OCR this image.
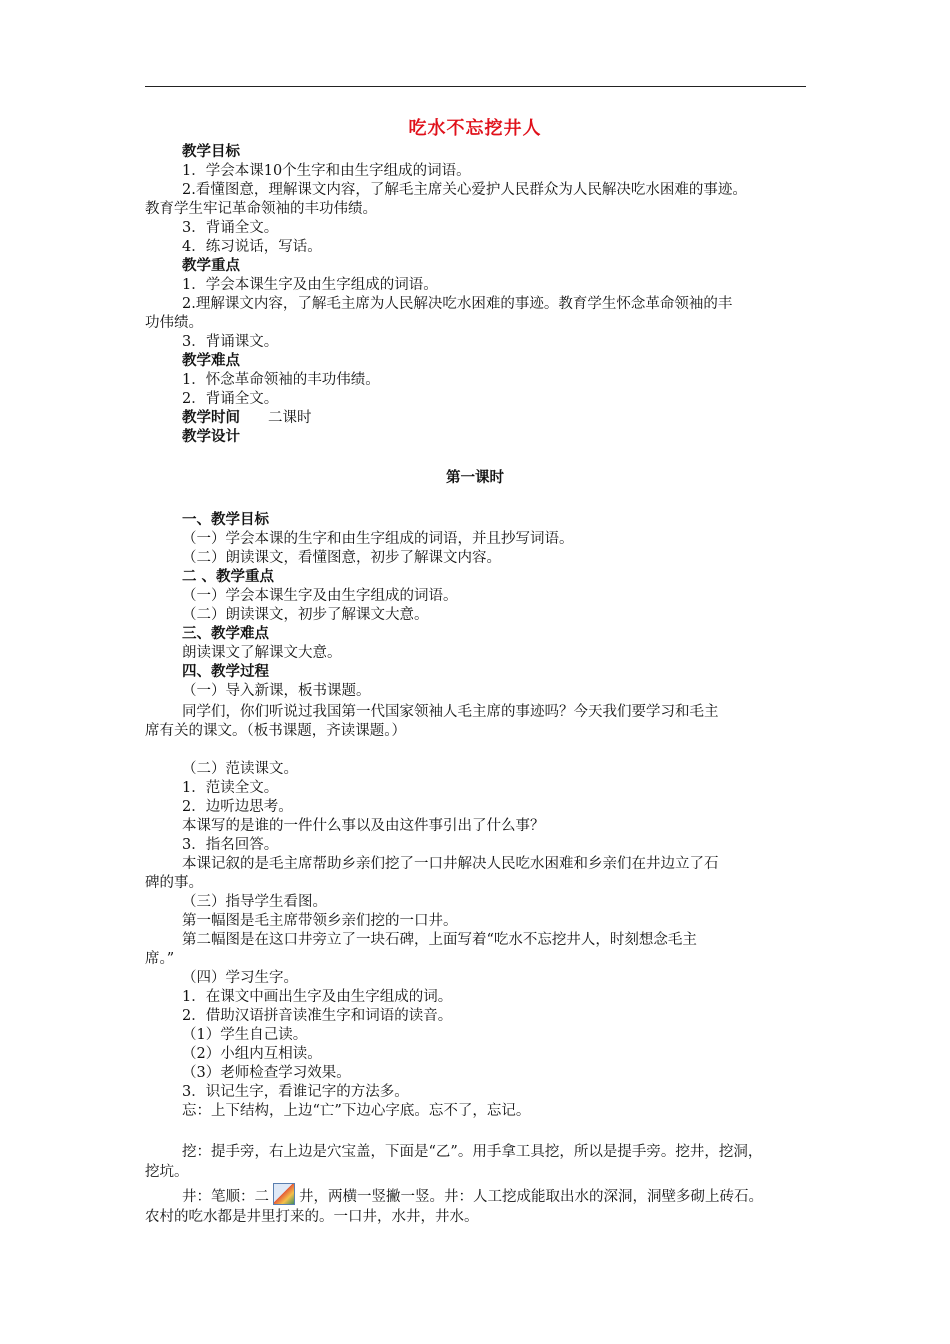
吃水不忘挖井人
教学目标
1．学会本课10个生字和由生字组成的词语。
2.看懂图意，理解课文内容，了解毛主席关心爱护人民群众为人民解决吃水困难的事迹。
教育学生牢记革命领袖的丰功伟绩。
3．背诵全文。
4．练习说话，写话。
教学重点
1．学会本课生字及由生字组成的词语。
2.理解课文内容，了解毛主席为人民解决吃水困难的事迹。教育学生怀念革命领袖的丰
功伟绩。
3．背诵课文。
教学难点
1．怀念革命领袖的丰功伟绩。
2．背诵全文。
教学时间 二课时
教学设计
第一课时
一、教学目标
（一）学会本课的生字和由生字组成的词语，并且抄写词语。
（二）朗读课文，看懂图意，初步了解课文内容。
二 、教学重点
（一）学会本课生字及由生字组成的词语。
（二）朗读课文，初步了解课文大意。
三、教学难点
朗读课文了解课文大意。
四、教学过程
（一）导入新课，板书课题。
同学们，你们听说过我国第一代国家领袖人毛主席的事迹吗？今天我们要学习和毛主
席有关的课文。（板书课题，齐读课题。）
（二）范读课文。
1．范读全文。
2．边听边思考。
本课写的是谁的一件什么事以及由这件事引出了什么事？
3．指名回答。
本课记叙的是毛主席帮助乡亲们挖了一口井解决人民吃水困难和乡亲们在井边立了石
碑的事。
（三）指导学生看图。
第一幅图是毛主席带领乡亲们挖的一口井。
第二幅图是在这口井旁立了一块石碑，上面写着“吃水不忘挖井人，时刻想念毛主
席。”
（四）学习生字。
1．在课文中画出生字及由生字组成的词。
2．借助汉语拼音读准生字和词语的读音。
（1）学生自己读。
（2）小组内互相读。
（3）老师检查学习效果。
3．识记生字，看谁记字的方法多。
忘：上下结构，上边“亡”下边心字底。忘不了，忘记。
挖：提手旁，右上边是穴宝盖，下面是“乙”。用手拿工具挖，所以是提手旁。挖井，挖洞，
挖坑。
井：笔顺：二 井，两横一竖撇一竖。井：人工挖成能取出水的深洞，洞壁多砌上砖石。
农村的吃水都是井里打来的。一口井，水井，井水。
